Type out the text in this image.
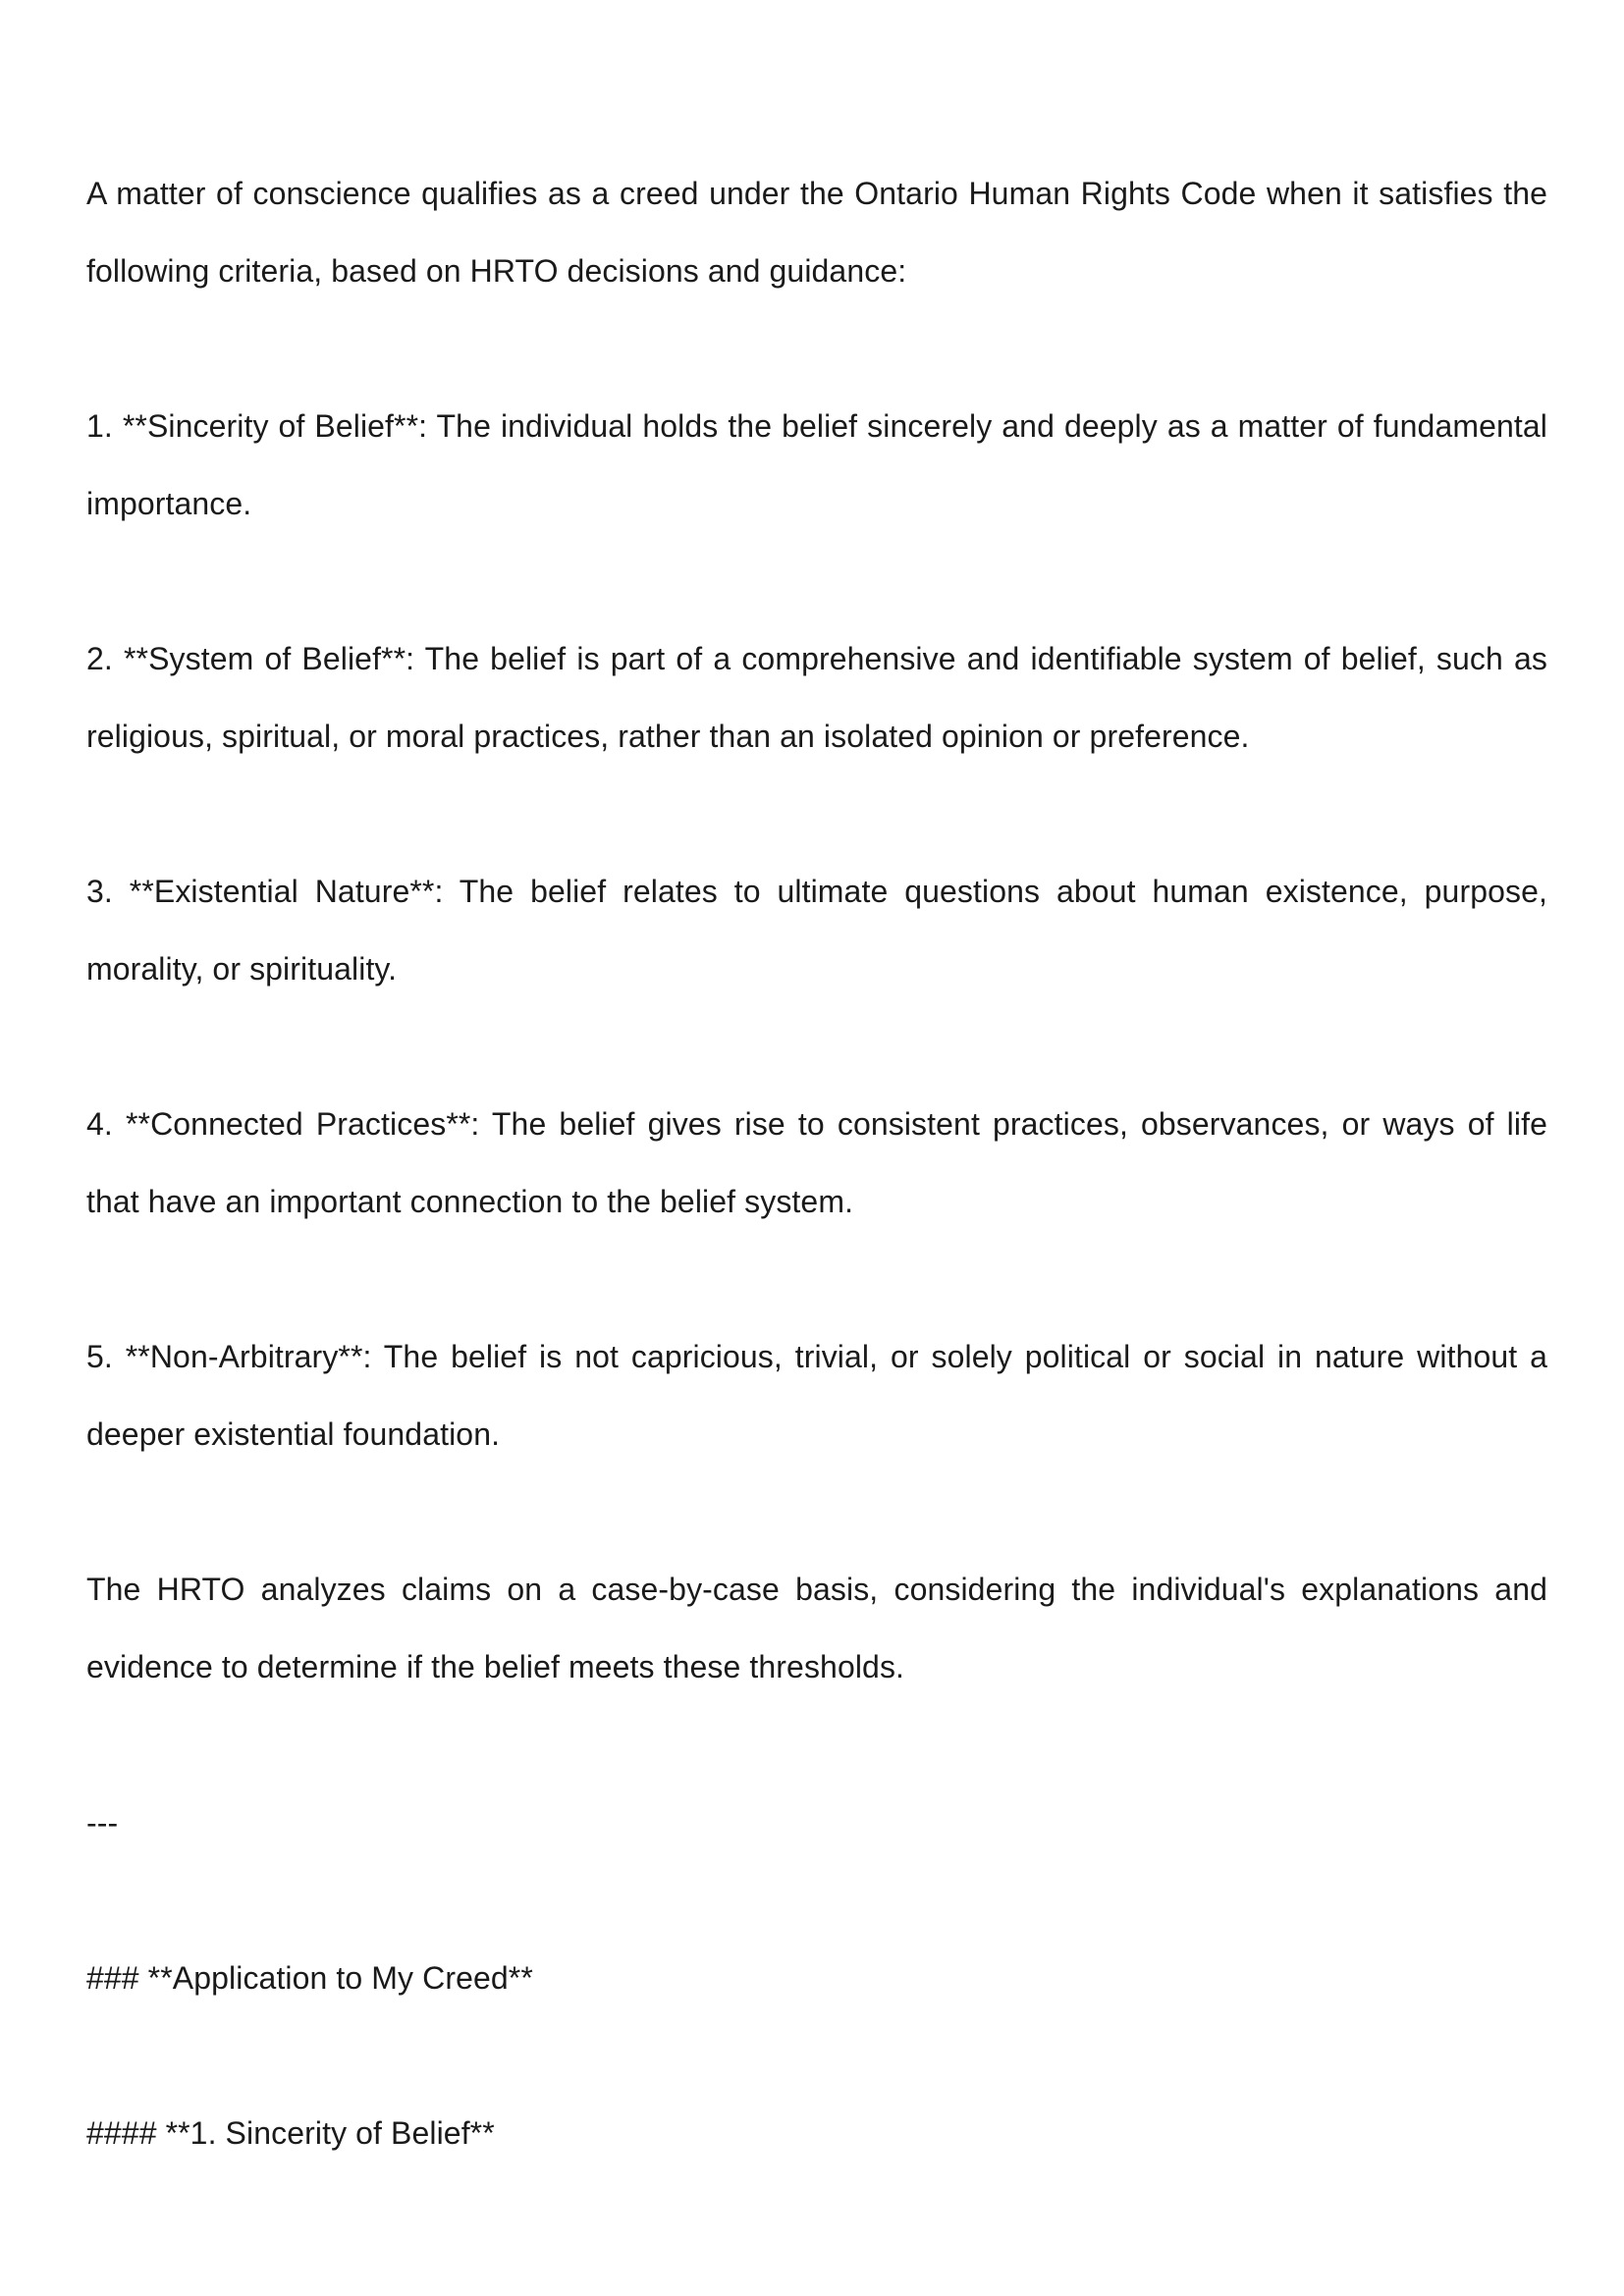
A matter of conscience qualifies as a creed under the Ontario Human Rights Code when it satisfies the following criteria, based on HRTO decisions and guidance:

1. **Sincerity of Belief**: The individual holds the belief sincerely and deeply as a matter of fundamental importance.

2. **System of Belief**: The belief is part of a comprehensive and identifiable system of belief, such as religious, spiritual, or moral practices, rather than an isolated opinion or preference.

3. **Existential Nature**: The belief relates to ultimate questions about human existence, purpose, morality, or spirituality.

4. **Connected Practices**: The belief gives rise to consistent practices, observances, or ways of life that have an important connection to the belief system.

5. **Non-Arbitrary**: The belief is not capricious, trivial, or solely political or social in nature without a deeper existential foundation.

The HRTO analyzes claims on a case-by-case basis, considering the individual's explanations and evidence to determine if the belief meets these thresholds.

---

### **Application to My Creed**

#### **1. Sincerity of Belief**
